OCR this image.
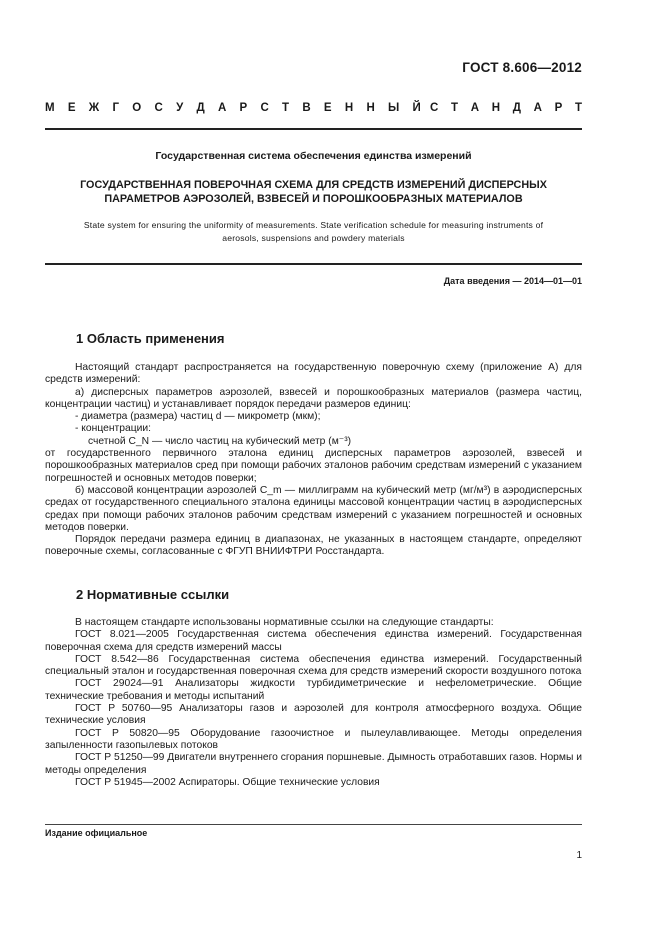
ГОСТ 8.606—2012
М Е Ж Г О С У Д А Р С Т В Е Н Н Ы Й С Т А Н Д А Р Т
Государственная система обеспечения единства измерений
ГОСУДАРСТВЕННАЯ ПОВЕРОЧНАЯ СХЕМА ДЛЯ СРЕДСТВ ИЗМЕРЕНИЙ ДИСПЕРСНЫХ
ПАРАМЕТРОВ АЭРОЗОЛЕЙ, ВЗВЕСЕЙ И ПОРОШКООБРАЗНЫХ МАТЕРИАЛОВ
State system for ensuring the uniformity of measurements. State verification schedule for measuring instruments of
aerosols, suspensions and powdery materials
Дата введения — 2014—01—01
1 Область применения

Настоящий стандарт распространяется на государственную поверочную схему (приложение А) для средств измерений:

а) дисперсных параметров аэрозолей, взвесей и порошкообразных материалов (размера частиц, концентрации частиц) и устанавливает порядок передачи размеров единиц:

- диаметра (размера) частиц d — микрометр (мкм);

- концентрации:

счетной C_N — число частиц на кубический метр (м⁻³)

от государственного первичного эталона единиц дисперсных параметров аэрозолей, взвесей и порошкообразных материалов сред при помощи рабочих эталонов рабочим средствам измерений с указанием погрешностей и основных методов поверки;

б) массовой концентрации аэрозолей C_m — миллиграмм на кубический метр (мг/м³) в аэродисперсных средах от государственного специального эталона единицы массовой концентрации частиц в аэродисперсных средах при помощи рабочих эталонов рабочим средствам измерений с указанием погрешностей и основных методов поверки.

Порядок передачи размера единиц в диапазонах, не указанных в настоящем стандарте, определяют поверочные схемы, согласованные с ФГУП ВНИИФТРИ Росстандарта.

2 Нормативные ссылки

В настоящем стандарте использованы нормативные ссылки на следующие стандарты:

ГОСТ 8.021—2005 Государственная система обеспечения единства измерений. Государственная поверочная схема для средств измерений массы

ГОСТ 8.542—86 Государственная система обеспечения единства измерений. Государственный специальный эталон и государственная поверочная схема для средств измерений скорости воздушного потока

ГОСТ 29024—91 Анализаторы жидкости турбидиметрические и нефелометрические. Общие технические требования и методы испытаний

ГОСТ Р 50760—95 Анализаторы газов и аэрозолей для контроля атмосферного воздуха. Общие технические условия

ГОСТ Р 50820—95 Оборудование газоочистное и пылеулавливающее. Методы определения запыленности газопылевых потоков

ГОСТ Р 51250—99 Двигатели внутреннего сгорания поршневые. Дымность отработавших газов. Нормы и методы определения

ГОСТ Р 51945—2002 Аспираторы. Общие технические условия

Издание официальное
1
